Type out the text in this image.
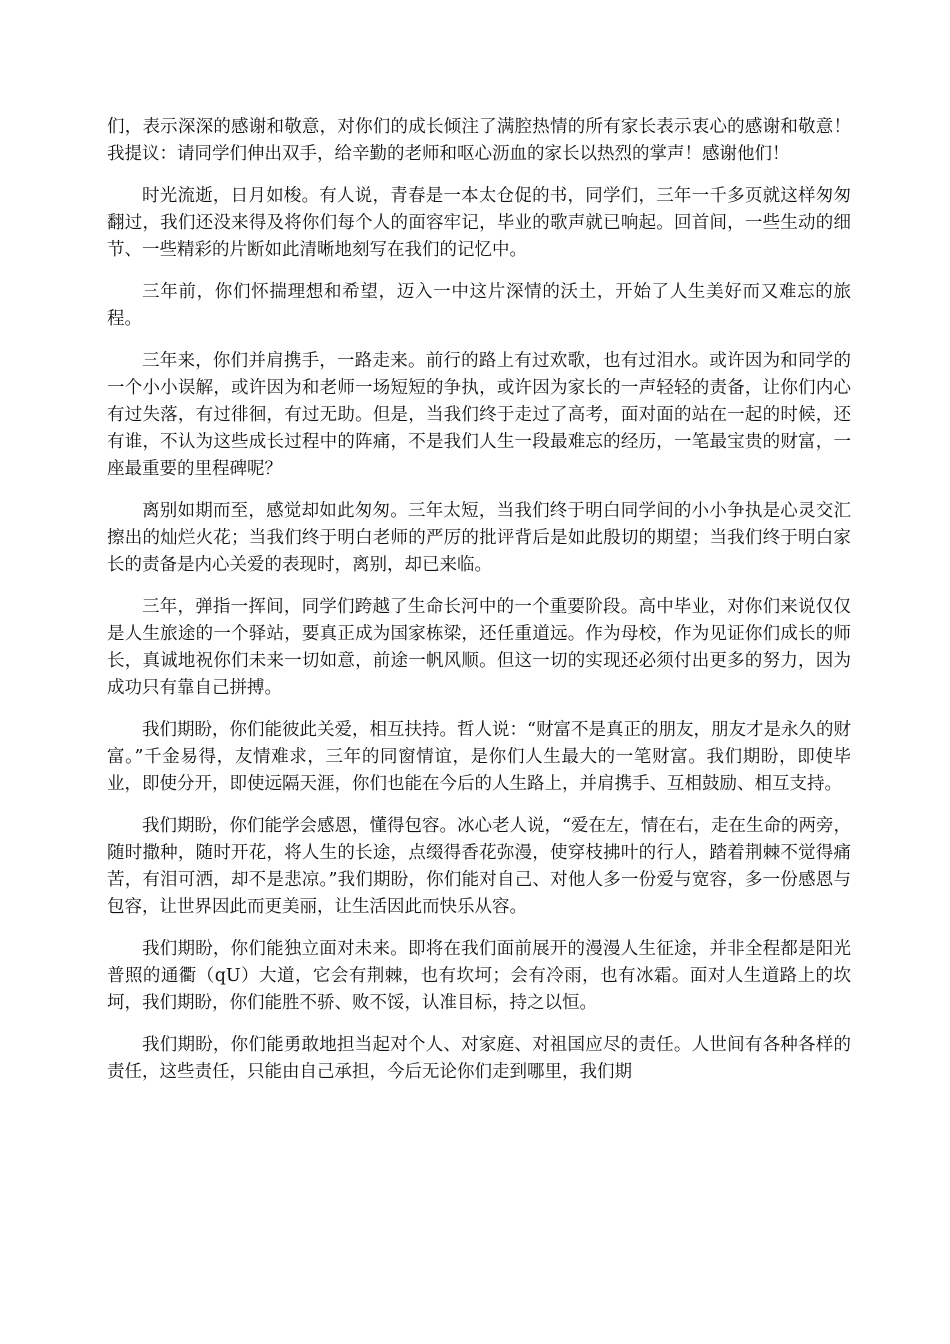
们，表示深深的感谢和敬意，对你们的成长倾注了满腔热情的所有家长表示衷心的感谢和敬意！我提议：请同学们伸出双手，给辛勤的老师和呕心沥血的家长以热烈的掌声！感谢他们！

时光流逝，日月如梭。有人说，青春是一本太仓促的书，同学们，三年一千多页就这样匆匆翻过，我们还没来得及将你们每个人的面容牢记，毕业的歌声就已响起。回首间，一些生动的细节、一些精彩的片断如此清晰地刻写在我们的记忆中。

三年前，你们怀揣理想和希望，迈入一中这片深情的沃土，开始了人生美好而又难忘的旅程。

三年来，你们并肩携手，一路走来。前行的路上有过欢歌，也有过泪水。或许因为和同学的一个小小误解，或许因为和老师一场短短的争执，或许因为家长的一声轻轻的责备，让你们内心有过失落，有过徘徊，有过无助。但是，当我们终于走过了高考，面对面的站在一起的时候，还有谁，不认为这些成长过程中的阵痛，不是我们人生一段最难忘的经历，一笔最宝贵的财富，一座最重要的里程碑呢？

离别如期而至，感觉却如此匆匆。三年太短，当我们终于明白同学间的小小争执是心灵交汇擦出的灿烂火花；当我们终于明白老师的严厉的批评背后是如此殷切的期望；当我们终于明白家长的责备是内心关爱的表现时，离别，却已来临。

三年，弹指一挥间，同学们跨越了生命长河中的一个重要阶段。高中毕业，对你们来说仅仅是人生旅途的一个驿站，要真正成为国家栋梁，还任重道远。作为母校，作为见证你们成长的师长，真诚地祝你们未来一切如意，前途一帆风顺。但这一切的实现还必须付出更多的努力，因为成功只有靠自己拼搏。

我们期盼，你们能彼此关爱，相互扶持。哲人说：“财富不是真正的朋友，朋友才是永久的财富。”千金易得，友情难求，三年的同窗情谊，是你们人生最大的一笔财富。我们期盼，即使毕业，即使分开，即使远隔天涯，你们也能在今后的人生路上，并肩携手、互相鼓励、相互支持。

我们期盼，你们能学会感恩，懂得包容。冰心老人说，“爱在左，情在右，走在生命的两旁，随时撒种，随时开花，将人生的长途，点缀得香花弥漫，使穿枝拂叶的行人，踏着荆棘不觉得痛苦，有泪可洒，却不是悲凉。”我们期盼，你们能对自己、对他人多一份爱与宽容，多一份感恩与包容，让世界因此而更美丽，让生活因此而快乐从容。

我们期盼，你们能独立面对未来。即将在我们面前展开的漫漫人生征途，并非全程都是阳光普照的通衢（qU）大道，它会有荆棘，也有坎坷；会有冷雨，也有冰霜。面对人生道路上的坎坷，我们期盼，你们能胜不骄、败不馁，认准目标，持之以恒。

我们期盼，你们能勇敢地担当起对个人、对家庭、对祖国应尽的责任。人世间有各种各样的责任，这些责任，只能由自己承担，今后无论你们走到哪里，我们期
